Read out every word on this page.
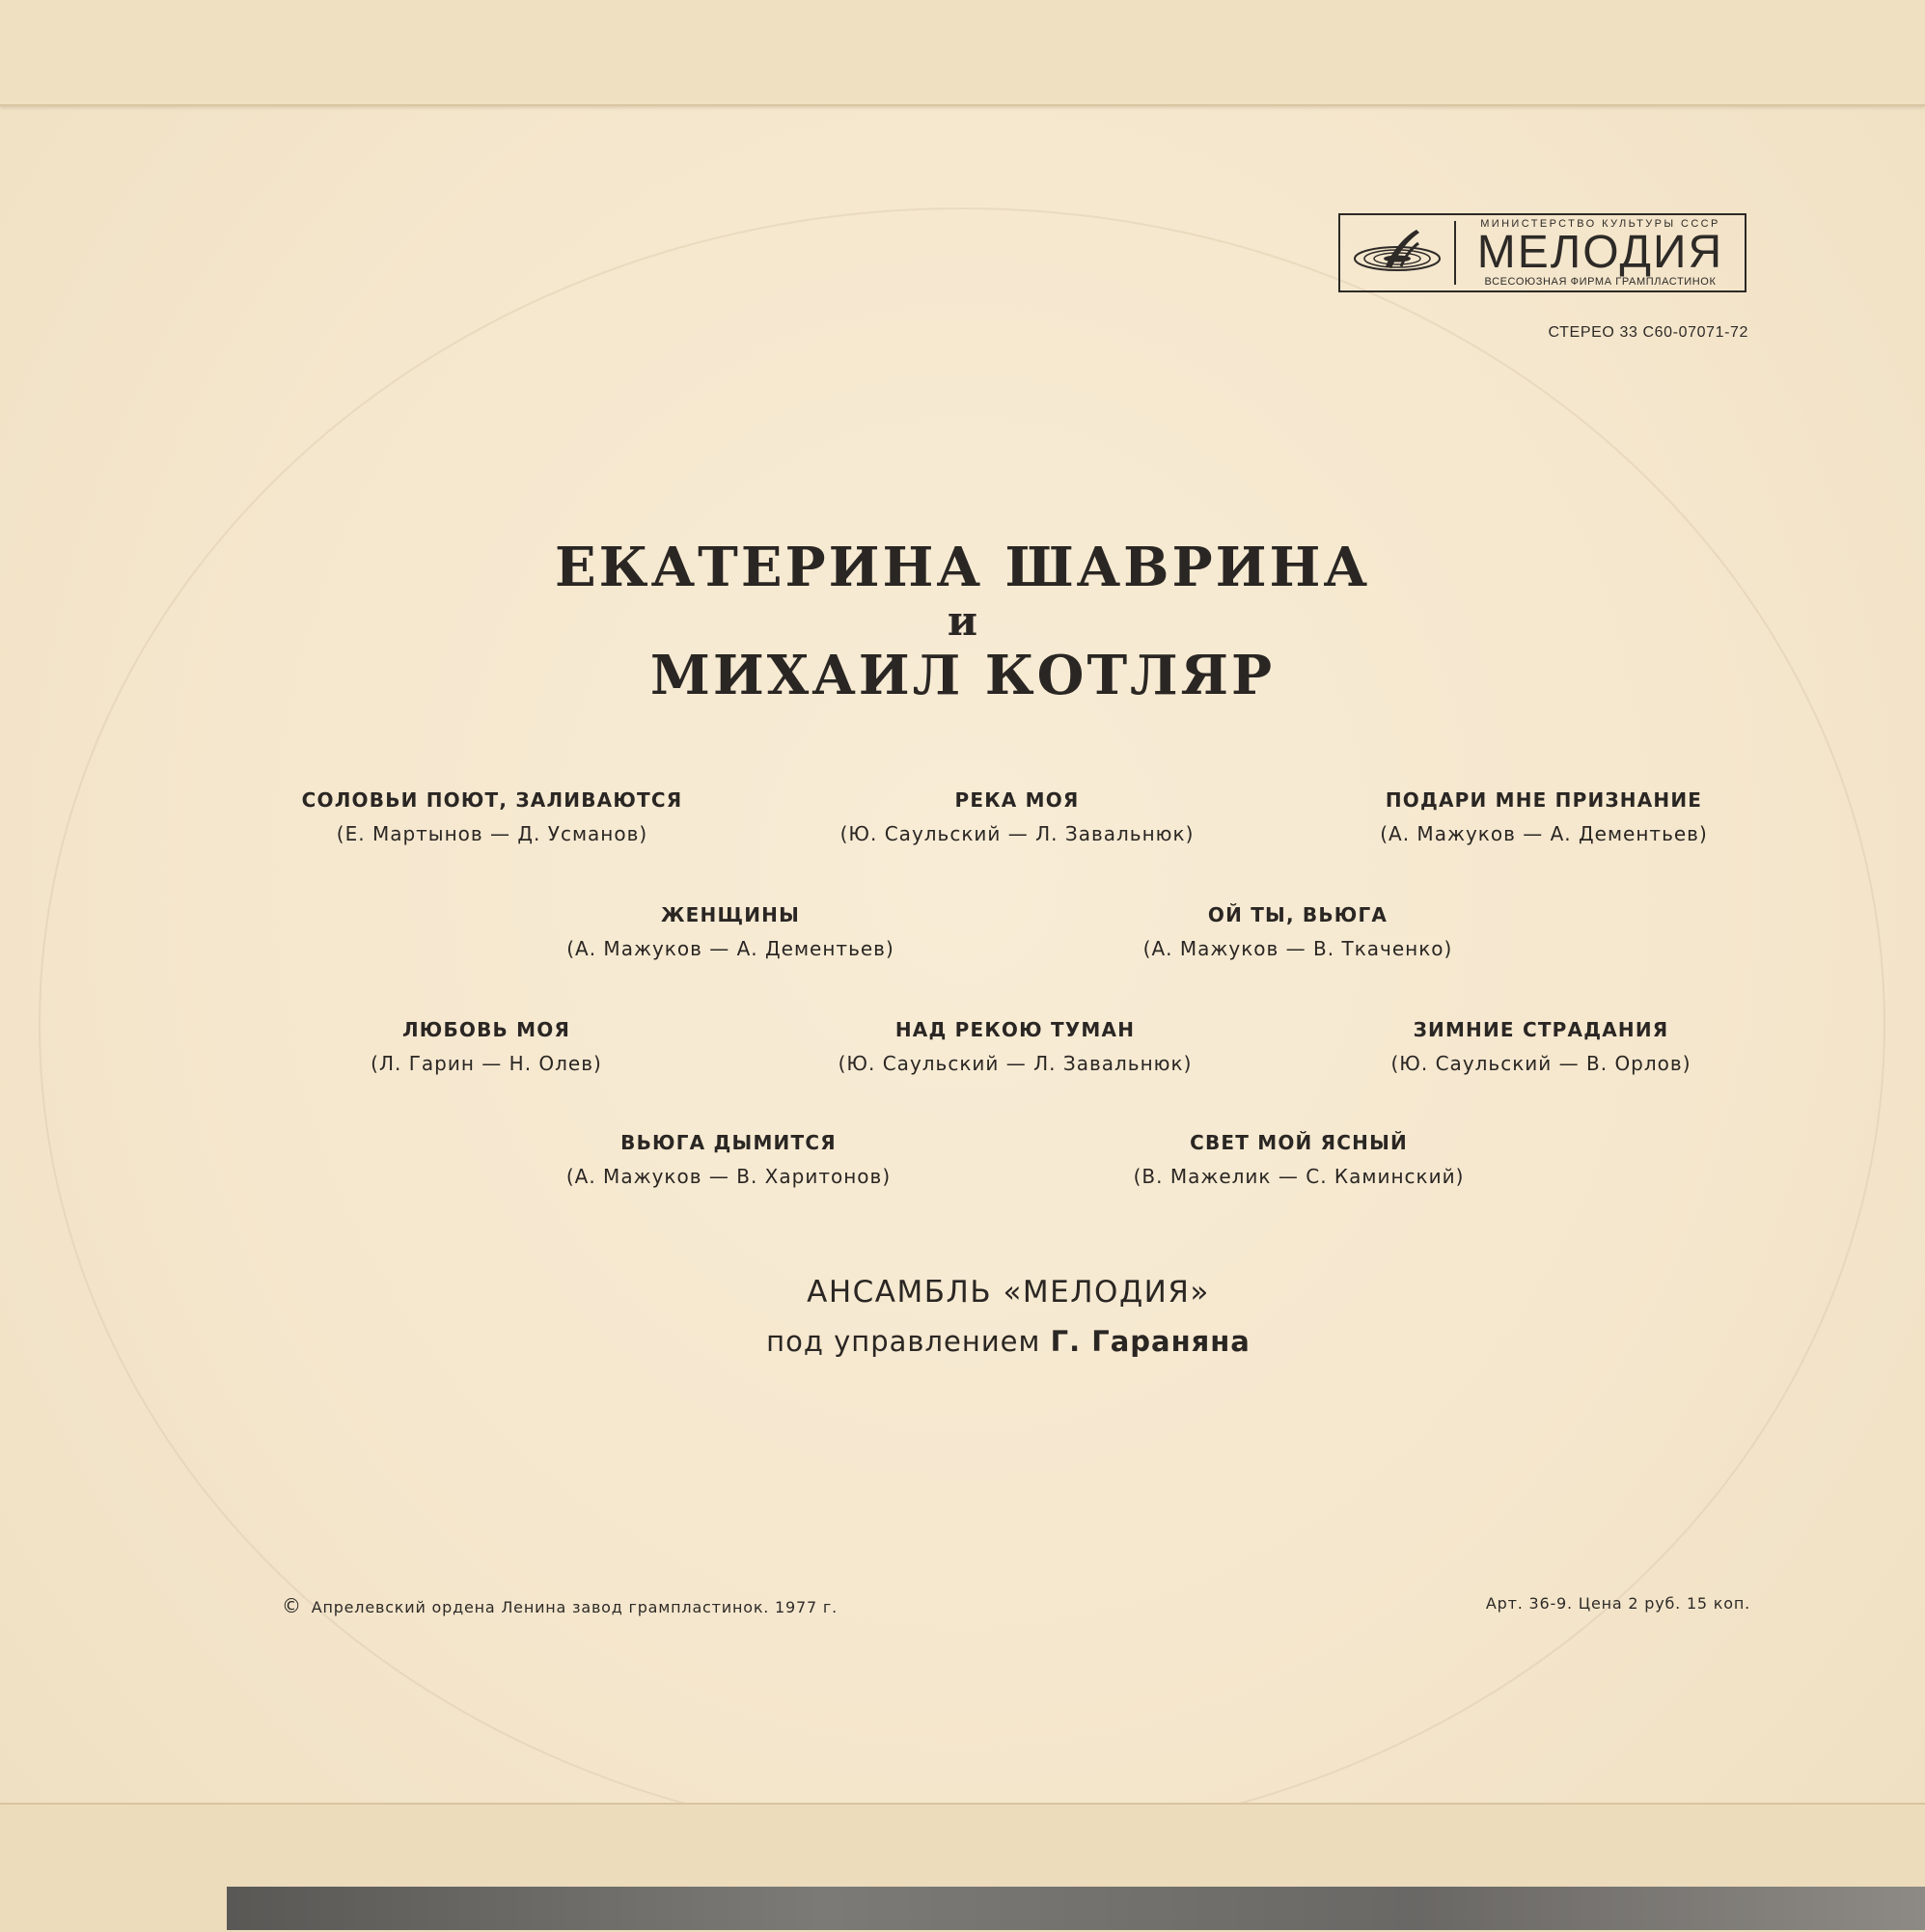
МИНИСТЕРСТВО КУЛЬТУРЫ СССР
МЕЛОДИЯ
ВСЕСОЮЗНАЯ ФИРМА ГРАМПЛАСТИНОК
СТЕРЕО 33 С60-07071-72
ЕКАТЕРИНА ШАВРИНА
и
МИХАИЛ КОТЛЯР
СОЛОВЬИ ПОЮТ, ЗАЛИВАЮТСЯ
(Е. Мартынов — Д. Усманов)
РЕКА МОЯ
(Ю. Саульский — Л. Завальнюк)
ПОДАРИ МНЕ ПРИЗНАНИЕ
(А. Мажуков — А. Дементьев)
ЖЕНЩИНЫ
(А. Мажуков — А. Дементьев)
ОЙ ТЫ, ВЬЮГА
(А. Мажуков — В. Ткаченко)
ЛЮБОВЬ МОЯ
(Л. Гарин — Н. Олев)
НАД РЕКОЮ ТУМАН
(Ю. Саульский — Л. Завальнюк)
ЗИМНИЕ СТРАДАНИЯ
(Ю. Саульский — В. Орлов)
ВЬЮГА ДЫМИТСЯ
(А. Мажуков — В. Харитонов)
СВЕТ МОЙ ЯСНЫЙ
(В. Мажелик — С. Каминский)
АНСАМБЛЬ «МЕЛОДИЯ»
под управлением Г. Гараняна
© Апрелевский ордена Ленина завод грампластинок. 1977 г.	Арт. 36-9. Цена 2 руб. 15 коп.
